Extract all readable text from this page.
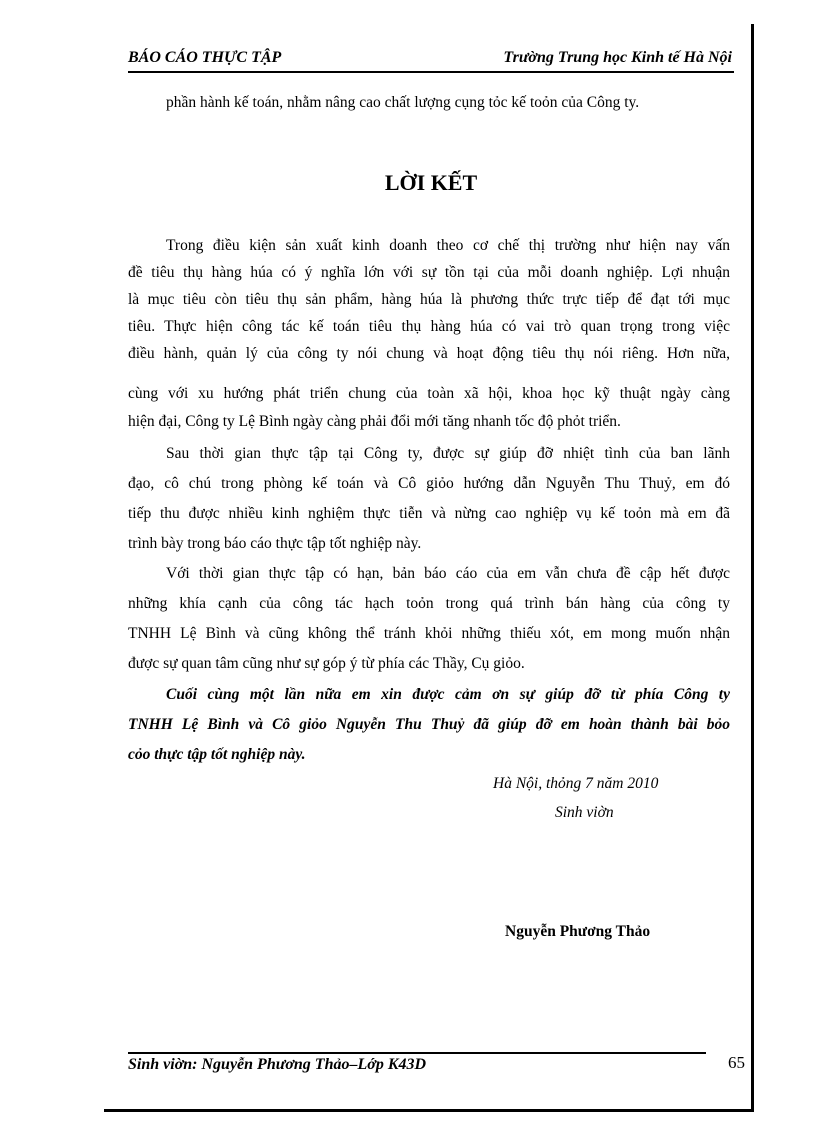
BÁO CÁO THỰC TẬP	Trường Trung học Kinh tế Hà Nội
phần hành kế toán, nhằm nâng cao chất lượng cụng tỏc kế toỏn của Công ty.
LỜI KẾT
Trong điều kiện sản xuất kinh doanh theo cơ chế thị trường như hiện nay vấn
đề tiêu thụ hàng húa có ý nghĩa lớn với sự tồn tại của mỗi doanh nghiệp. Lợi nhuận
là mục tiêu còn tiêu thụ sản phẩm, hàng húa là phương thức trực tiếp để đạt tới mục
tiêu. Thực hiện công tác kế toán tiêu thụ hàng húa có vai trò quan trọng trong việc
điều hành, quản lý của công ty nói chung và hoạt động tiêu thụ nói riêng. Hơn nữa,
cùng với xu hướng phát triển chung của toàn xã hội, khoa học kỹ thuật ngày càng
hiện đại, Công ty Lệ Bình ngày càng phải đổi mới tăng nhanh tốc độ phỏt triển.
Sau thời gian thực tập tại Công ty, được sự giúp đỡ nhiệt tình của ban lãnh
đạo, cô chú trong phòng kế toán và Cô giỏo hướng dẫn Nguyễn Thu Thuỷ, em đó
tiếp thu được nhiều kinh nghiệm thực tiễn và nừng cao nghiệp vụ kế toỏn mà em đã
trình bày trong báo cáo thực tập tốt nghiệp này.
Với thời gian thực tập có hạn, bản báo cáo của em vẫn chưa đề cập hết được
những khía cạnh của công tác hạch toỏn trong quá trình bán hàng của công ty
TNHH Lệ Bình và cũng không thể tránh khỏi những thiếu xót, em mong muốn nhận
được sự quan tâm cũng như sự góp ý từ phía các Thầy, Cụ giỏo.
Cuối cùng một lần nữa em xin được cảm ơn sự giúp đỡ từ phía Công ty
TNHH Lệ Bình và Cô giỏo Nguyễn Thu Thuỷ đã giúp đỡ em hoàn thành bài bỏo
cỏo thực tập tốt nghiệp này.
Hà Nội, thỏng 7 năm 2010
Sinh viờn
Nguyễn Phương Thảo
Sinh viờn: Nguyễn Phương Thảo–Lớp K43D	65
